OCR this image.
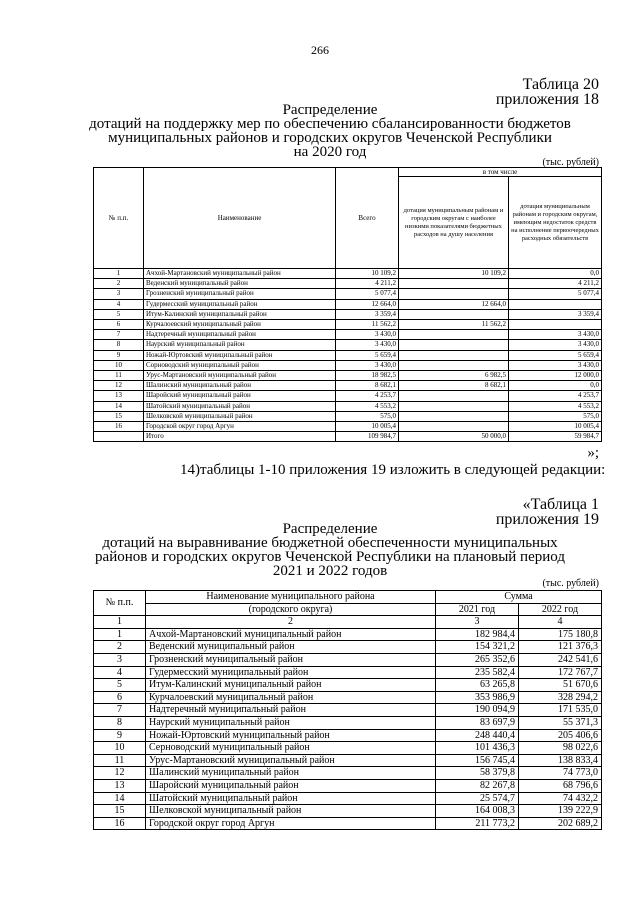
266
Таблица 20
приложения 18
Распределение
дотаций на поддержку мер по обеспечению сбалансированности бюджетов
муниципальных районов и городских округов Чеченской Республики
на 2020 год
(тыс. рублей)
№ п.п.	Наименование	Всего	в том числе	
			дотация муниципальным районам и городским округам с наиболее низкими показателями бюджетных расходов на душу населения	дотация муниципальным районам и городским округам, имеющим недостаток средств на исполнение первоочередных расходных обязательств
1	Ачхой-Мартановский муниципальный район	10 109,2	10 109,2	0,0
2	Веденский муниципальный район	4 211,2		4 211,2
3	Грозненский муниципальный район	5 077,4		5 077,4
4	Гудермесский муниципальный район	12 664,0	12 664,0	
5	Итум-Калинский муниципальный район	3 359,4		3 359,4
6	Курчалоевский муниципальный район	11 562,2	11 562,2	
7	Надтеречный муниципальный район	3 430,0		3 430,0
8	Наурский муниципальный район	3 430,0		3 430,0
9	Ножай-Юртовский муниципальный район	5 659,4		5 659,4
10	Сорноводский муниципальный район	3 430,0		3 430,0
11	Урус-Мартановский муниципальный район	18 982,5	6 982,5	12 000,0
12	Шалинский муниципальный район	8 682,1	8 682,1	0,0
13	Шаройский муниципальный район	4 253,7		4 253,7
14	Шатойский муниципальный район	4 553,2		4 553,2
15	Шелковской муниципальный район	575,0		575,0
16	Городской округ город Аргун	10 005,4		10 005,4
	Итого	109 984,7	50 000,0	59 984,7
»;
14)таблицы 1-10 приложения 19 изложить в следующей редакции:
«Таблица 1
приложения 19
Распределение
дотаций на выравнивание бюджетной обеспеченности муниципальных
районов и городских округов Чеченской Республики на плановый период
2021 и 2022 годов
(тыс. рублей)
№ п.п.	Наименование муниципального района	Сумма	
	(городского округа)	2021 год	2022 год
1	2	3	4
1	Ачхой-Мартановский муниципальный район	182 984,4	175 180,8
2	Веденский муниципальный район	154 321,2	121 376,3
3	Грозненский муниципальный район	265 352,6	242 541,6
4	Гудермесский муниципальный район	235 582,4	172 767,7
5	Итум-Калинский муниципальный район	63 265,8	51 670,6
6	Курчалоевский муниципальный район	353 986,9	328 294,2
7	Надтеречный муниципальный район	190 094,9	171 535,0
8	Наурский муниципальный район	83 697,9	55 371,3
9	Ножай-Юртовский муниципальный район	248 440,4	205 406,6
10	Серноводский муниципальный район	101 436,3	98 022,6
11	Урус-Мартановский муниципальный район	156 745,4	138 833,4
12	Шалинский муниципальный район	58 379,8	74 773,0
13	Шаройский муниципальный район	82 267,8	68 796,6
14	Шатойский муниципальный район	25 574,7	74 432,2
15	Шелковской муниципальный район	164 008,3	139 222,9
16	Городской округ город Аргун	211 773,2	202 689,2
